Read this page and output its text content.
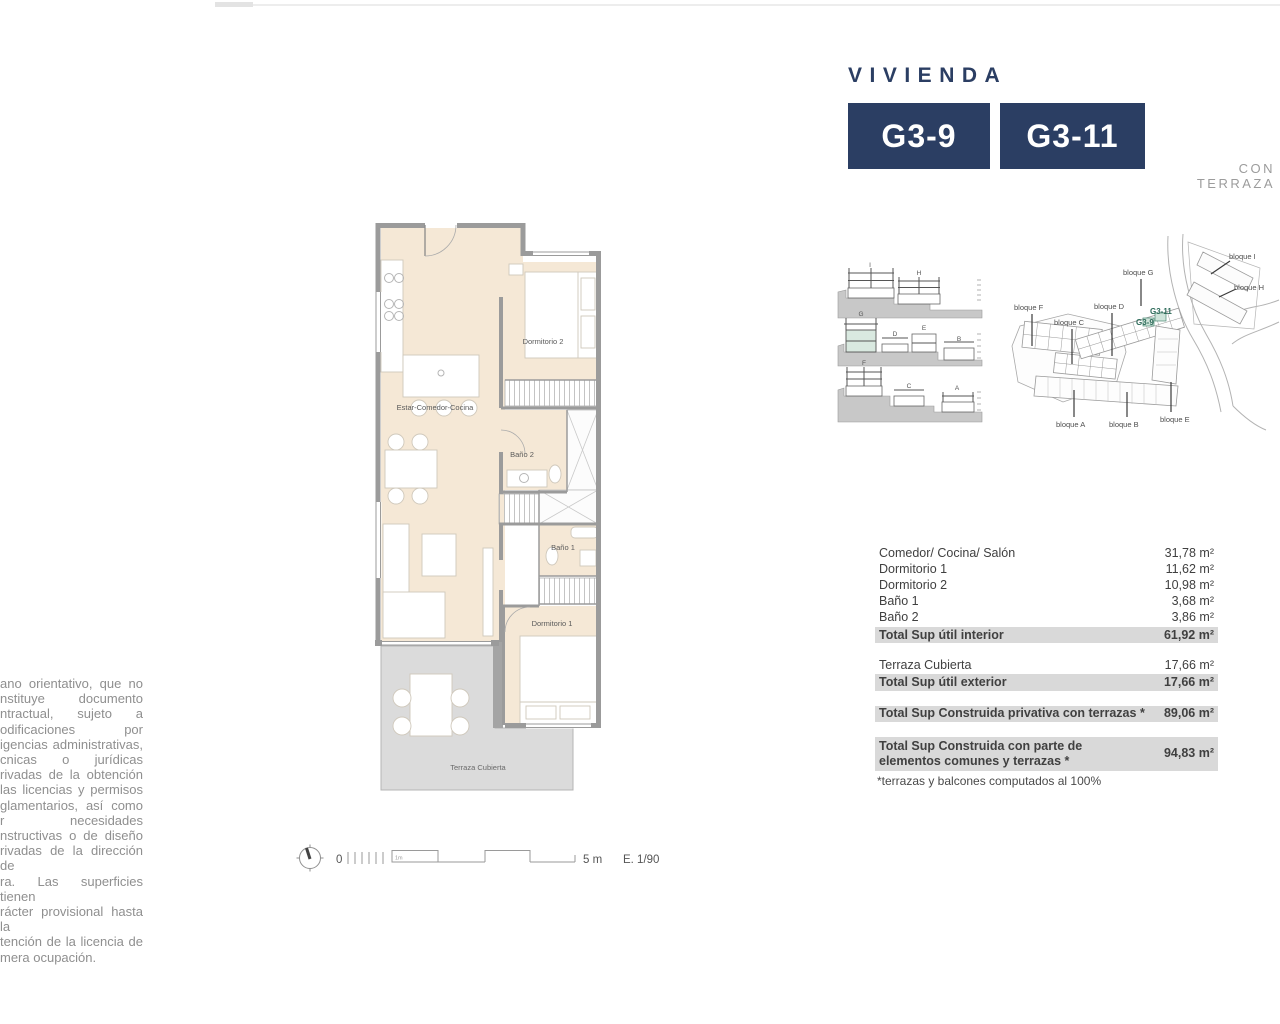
VIVIENDA
G3-9 G3-11
CON TERRAZA
ano orientativo, que no
nstituye documento
ntractual, sujeto a
odificaciones por
igencias administrativas,
cnicas o jurídicas
rivadas de la obtención
las licencias y permisos
glamentarios, así como
r necesidades
nstructivas o de diseño
rivadas de la dirección de
ra. Las superficies tienen
rácter provisional hasta la
tención de la licencia de
mera ocupación.
Estar-Comedor-Cocina
Dormitorio 2
Baño 2
Baño 1
Dormitorio 1
Terraza Cubierta
0	1m	5 m E. 1/90
I
H
G
D
E
B
F
C	A
bloque F
bloque C
bloque D
bloque G
bloque I
bloque H
bloque A	bloque B
bloque E
G3-11
G3-9
Comedor/ Cocina/ Salón	31,78 m²
Dormitorio 1	11,62 m²
Dormitorio 2	10,98 m²
Baño 1	3,68 m²
Baño 2	3,86 m²
Total Sup útil interior	61,92 m²
Terraza Cubierta	17,66 m²
Total Sup útil exterior	17,66 m²
Total Sup Construida privativa con terrazas *	89,06 m²
Total Sup Construida con parte de elementos comunes y terrazas *
94,83 m²
*terrazas y balcones computados al 100%
